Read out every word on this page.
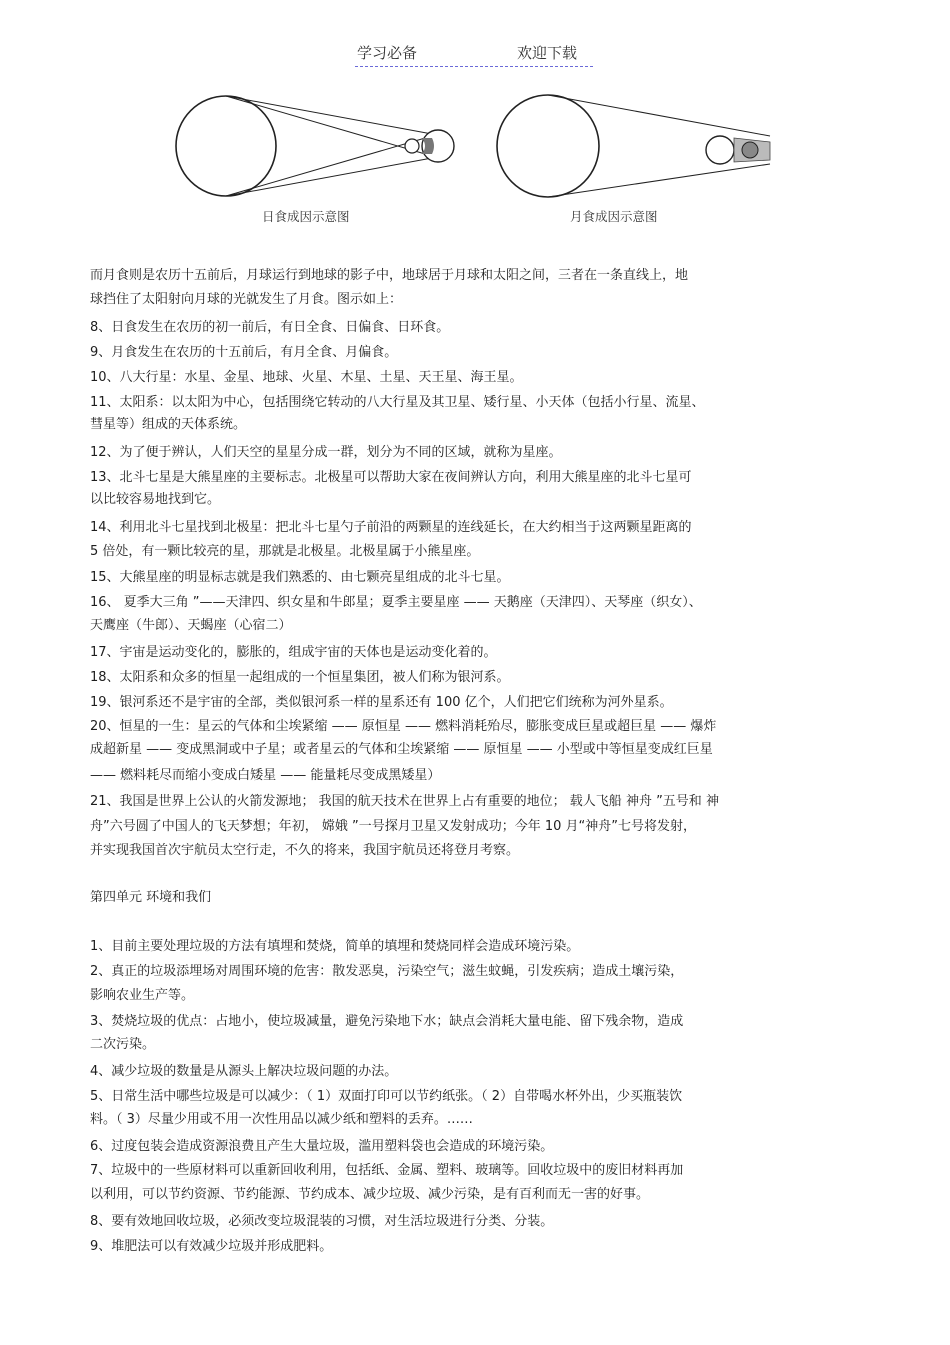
学习必备	欢迎下载
日食成因示意图	月食成因示意图
而月食则是农历十五前后，月球运行到地球的影子中，地球居于月球和太阳之间，三者在一条直线上，地
球挡住了太阳射向月球的光就发生了月食。图示如上：
8、日食发生在农历的初一前后，有日全食、日偏食、日环食。
9、月食发生在农历的十五前后，有月全食、月偏食。
10、八大行星：水星、金星、地球、火星、木星、土星、天王星、海王星。
11、太阳系：以太阳为中心，包括围绕它转动的八大行星及其卫星、矮行星、小天体（包括小行星、流星、
彗星等）组成的天体系统。
12、为了便于辨认，人们天空的星星分成一群，划分为不同的区域，就称为星座。
13、北斗七星是大熊星座的主要标志。北极星可以帮助大家在夜间辨认方向，利用大熊星座的北斗七星可
以比较容易地找到它。
14、利用北斗七星找到北极星：把北斗七星勺子前沿的两颗星的连线延长，在大约相当于这两颗星距离的
5 倍处，有一颗比较亮的星，那就是北极星。北极星属于小熊星座。
15、大熊星座的明显标志就是我们熟悉的、由七颗亮星组成的北斗七星。
16、 夏季大三角 ”——天津四、织女星和牛郎星；夏季主要星座 —— 天鹅座（天津四）、天琴座（织女）、
天鹰座（牛郎）、天蝎座（心宿二）
17、宇宙是运动变化的，膨胀的，组成宇宙的天体也是运动变化着的。
18、太阳系和众多的恒星一起组成的一个恒星集团，被人们称为银河系。
19、银河系还不是宇宙的全部，类似银河系一样的星系还有 100 亿个，人们把它们统称为河外星系。
20、恒星的一生：星云的气体和尘埃紧缩 —— 原恒星 —— 燃料消耗殆尽，膨胀变成巨星或超巨星 —— 爆炸
成超新星 —— 变成黑洞或中子星；或者星云的气体和尘埃紧缩 —— 原恒星 —— 小型或中等恒星变成红巨星
—— 燃料耗尽而缩小变成白矮星 —— 能量耗尽变成黑矮星）
21、我国是世界上公认的火箭发源地； 我国的航天技术在世界上占有重要的地位； 载人飞船 神舟 ”五号和 神
舟”六号圆了中国人的飞天梦想；年初， 嫦娥 ”一号探月卫星又发射成功；今年 10 月“神舟”七号将发射，
并实现我国首次宇航员太空行走，不久的将来，我国宇航员还将登月考察。
第四单元 环境和我们
1、目前主要处理垃圾的方法有填埋和焚烧，简单的填埋和焚烧同样会造成环境污染。
2、真正的垃圾添埋场对周围环境的危害：散发恶臭，污染空气；滋生蚊蝇，引发疾病；造成土壤污染，
影响农业生产等。
3、焚烧垃圾的优点：占地小，使垃圾减量，避免污染地下水；缺点会消耗大量电能、留下残余物，造成
二次污染。
4、减少垃圾的数量是从源头上解决垃圾问题的办法。
5、日常生活中哪些垃圾是可以减少：（ 1）双面打印可以节约纸张。（ 2）自带喝水杯外出，少买瓶装饮
料。（ 3）尽量少用或不用一次性用品以减少纸和塑料的丢弃。……
6、过度包装会造成资源浪费且产生大量垃圾，滥用塑料袋也会造成的环境污染。
7、垃圾中的一些原材料可以重新回收利用，包括纸、金属、塑料、玻璃等。回收垃圾中的废旧材料再加
以利用，可以节约资源、节约能源、节约成本、减少垃圾、减少污染，是有百利而无一害的好事。
8、要有效地回收垃圾，必须改变垃圾混装的习惯，对生活垃圾进行分类、分装。
9、堆肥法可以有效减少垃圾并形成肥料。
